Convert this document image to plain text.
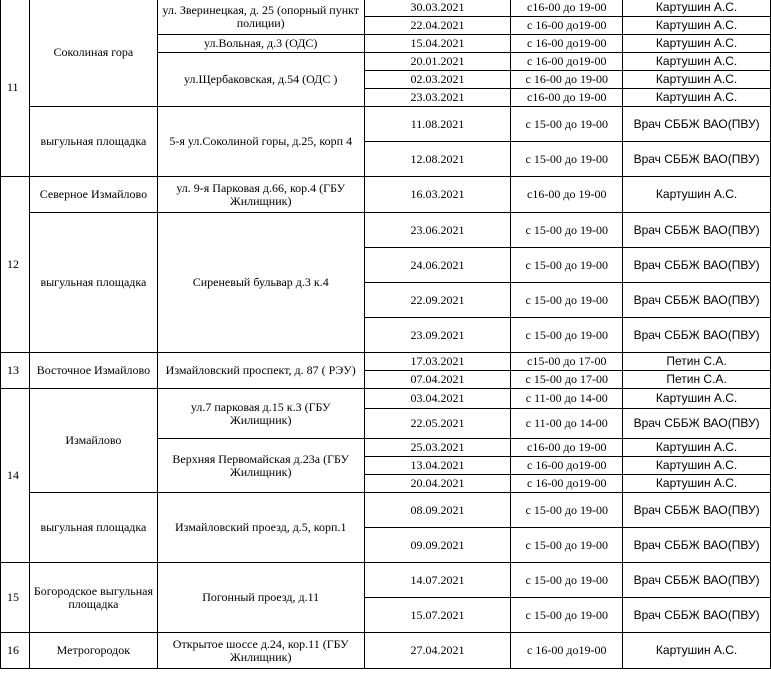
11	Соколиная гора	ул. Зверинецкая, д. 25 (опорный пункт полиции)	30.03.2021	с16-00 до 19-00	Картушин А.С.
			22.04.2021	с 16-00 до19-00	Картушин А.С.
		ул.Вольная, д.3 (ОДС)	15.04.2021	с 16-00 до19-00	Картушин А.С.
		ул.Щербаковская, д.54 (ОДС )	20.01.2021	с 16-00 до19-00	Картушин А.С.
			02.03.2021	с 16-00 до 19-00	Картушин А.С.
			23.03.2021	с16-00 до 19-00	Картушин А.С.
	выгульная площадка	5-я ул.Соколиной горы, д.25, корп 4	11.08.2021	с 15-00 до 19-00	Врач СББЖ ВАО(ПВУ)
			12.08.2021	с 15-00 до 19-00	Врач СББЖ ВАО(ПВУ)
12	Северное Измайлово	ул. 9-я Парковая д.66, кор.4 (ГБУ Жилищник)	16.03.2021	с16-00 до 19-00	Картушин А.С.
	выгульная площадка	Сиреневый бульвар д.3 к.4	23.06.2021	с 15-00 до 19-00	Врач СББЖ ВАО(ПВУ)
			24.06.2021	с 15-00 до 19-00	Врач СББЖ ВАО(ПВУ)
			22.09.2021	с 15-00 до 19-00	Врач СББЖ ВАО(ПВУ)
			23.09.2021	с 15-00 до 19-00	Врач СББЖ ВАО(ПВУ)
13	Восточное Измайлово	Измайловский проспект, д. 87 ( РЭУ)	17.03.2021	с15-00 до 17-00	Петин С.А.
			07.04.2021	с 15-00 до 17-00	Петин С.А.
14	Измайлово	ул.7 парковая д.15 к.3 (ГБУ Жилищник)	03.04.2021	с 11-00 до 14-00	Картушин А.С.
			22.05.2021	с 11-00 до 14-00	Врач СББЖ ВАО(ПВУ)
		Верхняя Первомайская д.23а (ГБУ Жилищник)	25.03.2021	с16-00 до 19-00	Картушин А.С.
			13.04.2021	с 16-00 до19-00	Картушин А.С.
			20.04.2021	с 16-00 до19-00	Картушин А.С.
	выгульная площадка	Измайловский проезд, д.5, корп.1	08.09.2021	с 15-00 до 19-00	Врач СББЖ ВАО(ПВУ)
			09.09.2021	с 15-00 до 19-00	Врач СББЖ ВАО(ПВУ)
15	Богородское выгульная площадка	Погонный проезд, д.11	14.07.2021	с 15-00 до 19-00	Врач СББЖ ВАО(ПВУ)
			15.07.2021	с 15-00 до 19-00	Врач СББЖ ВАО(ПВУ)
16	Метрогородок	Открытое шоссе д.24, кор.11 (ГБУ Жилищник)	27.04.2021	с 16-00 до19-00	Картушин А.С.
